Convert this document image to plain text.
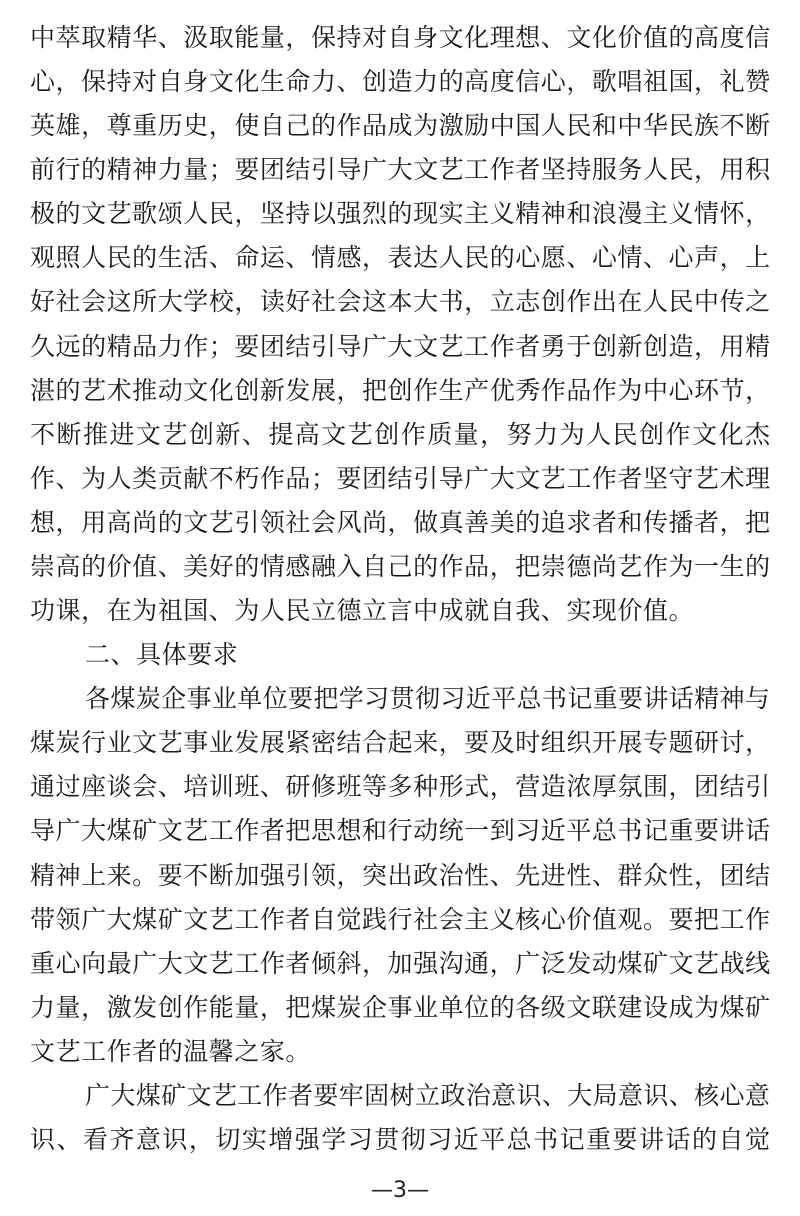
中萃取精华、汲取能量，保持对自身文化理想、文化价值的高度信
心，保持对自身文化生命力、创造力的高度信心，歌唱祖国，礼赞
英雄，尊重历史，使自己的作品成为激励中国人民和中华民族不断
前行的精神力量；要团结引导广大文艺工作者坚持服务人民，用积
极的文艺歌颂人民，坚持以强烈的现实主义精神和浪漫主义情怀，
观照人民的生活、命运、情感，表达人民的心愿、心情、心声，上
好社会这所大学校，读好社会这本大书，立志创作出在人民中传之
久远的精品力作；要团结引导广大文艺工作者勇于创新创造，用精
湛的艺术推动文化创新发展，把创作生产优秀作品作为中心环节，
不断推进文艺创新、提高文艺创作质量，努力为人民创作文化杰
作、为人类贡献不朽作品；要团结引导广大文艺工作者坚守艺术理
想，用高尚的文艺引领社会风尚，做真善美的追求者和传播者，把
崇高的价值、美好的情感融入自己的作品，把崇德尚艺作为一生的
功课，在为祖国、为人民立德立言中成就自我、实现价值。
二、具体要求
各煤炭企事业单位要把学习贯彻习近平总书记重要讲话精神与
煤炭行业文艺事业发展紧密结合起来，要及时组织开展专题研讨，
通过座谈会、培训班、研修班等多种形式，营造浓厚氛围，团结引
导广大煤矿文艺工作者把思想和行动统一到习近平总书记重要讲话
精神上来。要不断加强引领，突出政治性、先进性、群众性，团结
带领广大煤矿文艺工作者自觉践行社会主义核心价值观。要把工作
重心向最广大文艺工作者倾斜，加强沟通，广泛发动煤矿文艺战线
力量，激发创作能量，把煤炭企事业单位的各级文联建设成为煤矿
文艺工作者的温馨之家。
广大煤矿文艺工作者要牢固树立政治意识、大局意识、核心意
识、看齐意识，切实增强学习贯彻习近平总书记重要讲话的自觉
—3—
